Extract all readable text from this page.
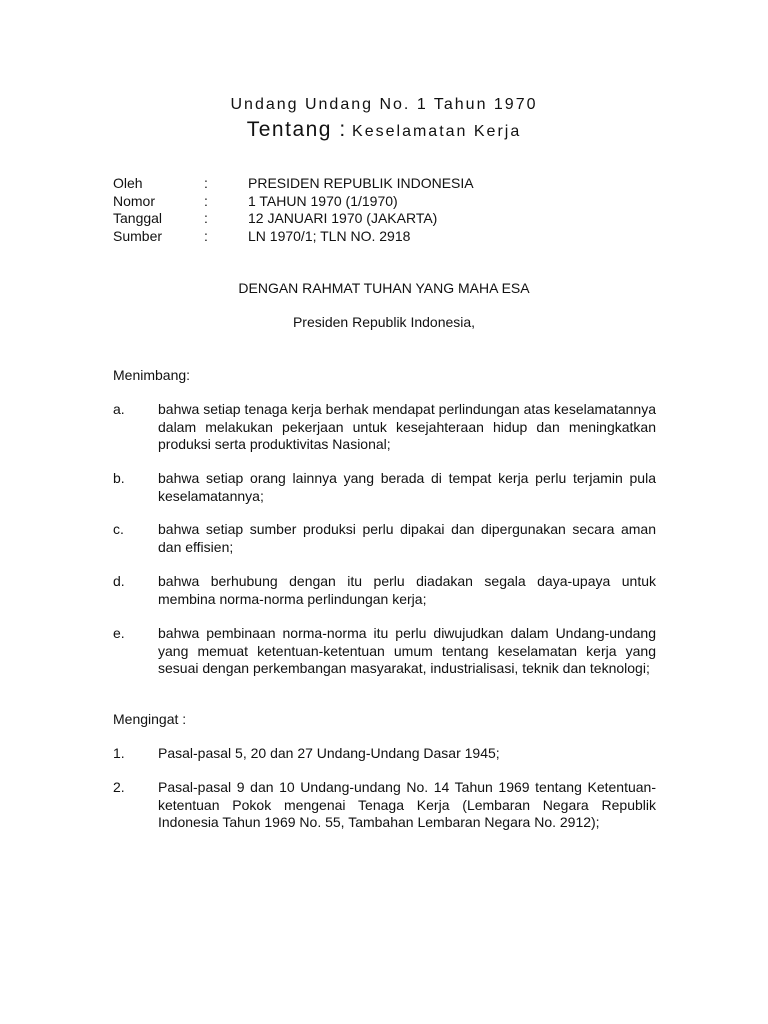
Undang Undang No. 1 Tahun 1970
Tentang : Keselamatan Kerja
Oleh	:	PRESIDEN REPUBLIK INDONESIA
Nomor	:	1 TAHUN 1970 (1/1970)
Tanggal	:	12 JANUARI 1970 (JAKARTA)
Sumber	:	LN 1970/1; TLN NO. 2918
DENGAN RAHMAT TUHAN YANG MAHA ESA
Presiden Republik Indonesia,
Menimbang:
a.	bahwa setiap tenaga kerja berhak mendapat perlindungan atas keselamatannya dalam melakukan pekerjaan untuk kesejahteraan hidup dan meningkatkan produksi serta produktivitas Nasional;
b.	bahwa setiap orang lainnya yang berada di tempat kerja perlu terjamin pula keselamatannya;
c.	bahwa setiap sumber produksi perlu dipakai dan dipergunakan secara aman dan effisien;
d.	bahwa berhubung dengan itu perlu diadakan segala daya-upaya untuk membina norma-norma perlindungan kerja;
e.	bahwa pembinaan norma-norma itu perlu diwujudkan dalam Undang-undang yang memuat ketentuan-ketentuan umum tentang keselamatan kerja yang sesuai dengan perkembangan masyarakat, industrialisasi, teknik dan teknologi;
Mengingat :
1.	Pasal-pasal 5, 20 dan 27 Undang-Undang Dasar 1945;
2.	Pasal-pasal 9 dan 10 Undang-undang No. 14 Tahun 1969 tentang Ketentuan-ketentuan Pokok mengenai Tenaga Kerja (Lembaran Negara Republik Indonesia Tahun 1969 No. 55, Tambahan Lembaran Negara No. 2912);
